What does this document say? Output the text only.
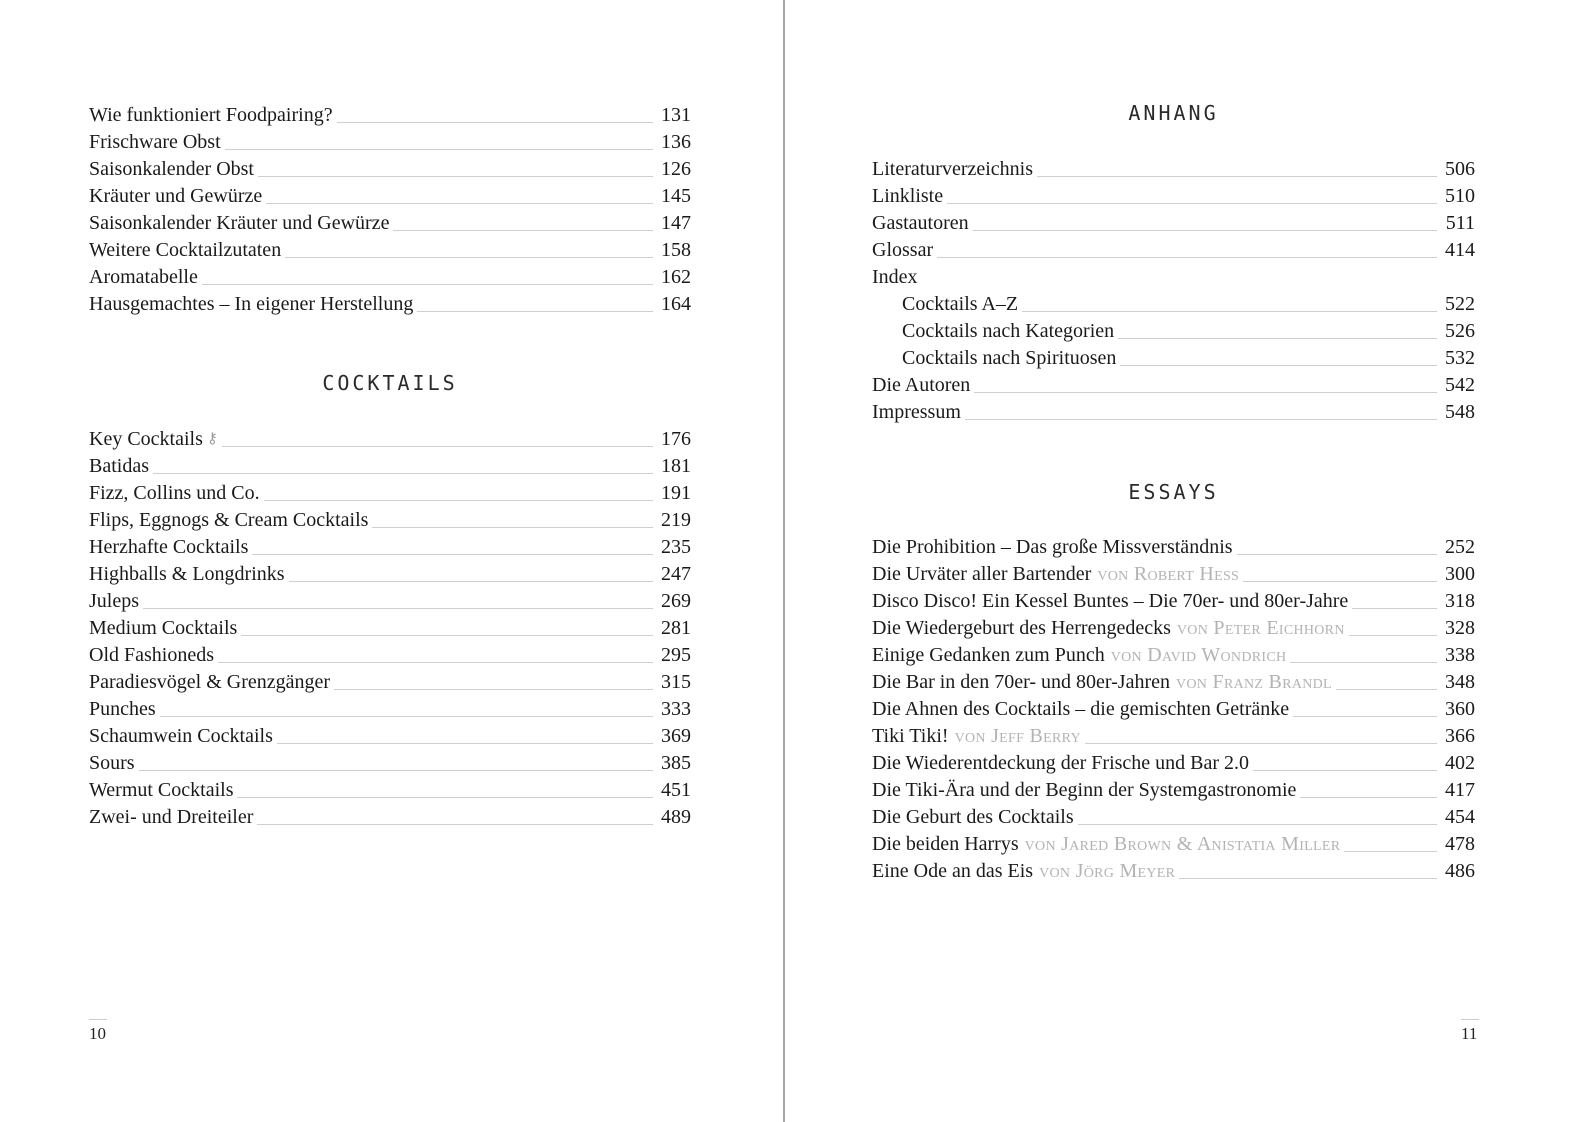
Wie funktioniert Foodpairing?	131
Frischware Obst	136
Saisonkalender Obst	126
Kräuter und Gewürze	145
Saisonkalender Kräuter und Gewürze	147
Weitere Cocktailzutaten	158
Aromatabelle	162
Hausgemachtes – In eigener Herstellung	164
COCKTAILS
Key Cocktails ⚷	176
Batidas	181
Fizz, Collins und Co.	191
Flips, Eggnogs & Cream Cocktails	219
Herzhafte Cocktails	235
Highballs & Longdrinks	247
Juleps	269
Medium Cocktails	281
Old Fashioneds	295
Paradiesvögel & Grenzgänger	315
Punches	333
Schaumwein Cocktails	369
Sours	385
Wermut Cocktails	451
Zwei- und Dreiteiler	489
10
ANHANG
Literaturverzeichnis	506
Linkliste	510
Gastautoren	511
Glossar	414
Index
Cocktails A–Z	522
Cocktails nach Kategorien	526
Cocktails nach Spirituosen	532
Die Autoren	542
Impressum	548
ESSAYS
Die Prohibition – Das große Missverständnis	252
Die Urväter aller Bartender von Robert Hess	300
Disco Disco! Ein Kessel Buntes – Die 70er- und 80er-Jahre	318
Die Wiedergeburt des Herrengedecks von Peter Eichhorn	328
Einige Gedanken zum Punch von David Wondrich	338
Die Bar in den 70er- und 80er-Jahren von Franz Brandl	348
Die Ahnen des Cocktails – die gemischten Getränke	360
Tiki Tiki! von Jeff Berry	366
Die Wiederentdeckung der Frische und Bar 2.0	402
Die Tiki-Ära und der Beginn der Systemgastronomie	417
Die Geburt des Cocktails	454
Die beiden Harrys von Jared Brown & Anistatia Miller	478
Eine Ode an das Eis von Jörg Meyer	486
11
